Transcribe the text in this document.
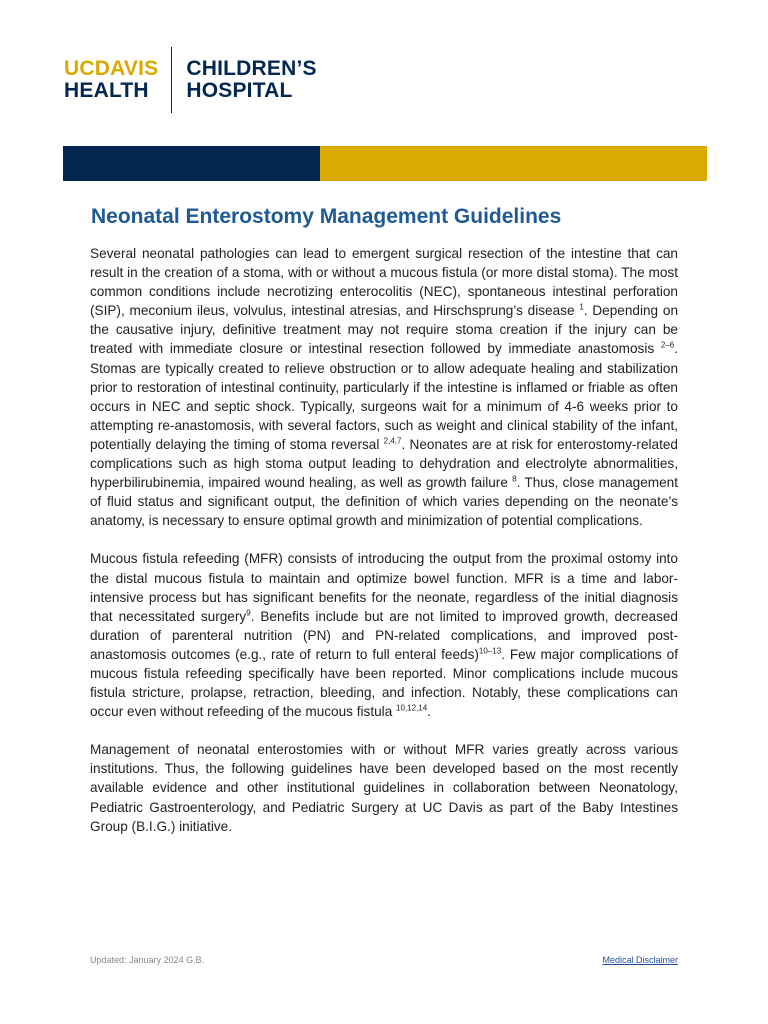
UCDAVIS
HEALTH
CHILDREN’S
HOSPITAL
Neonatal Enterostomy Management Guidelines

Several neonatal pathologies can lead to emergent surgical resection of the intestine that can result in the creation of a stoma, with or without a mucous fistula (or more distal stoma). The most common conditions include necrotizing enterocolitis (NEC), spontaneous intestinal perforation (SIP), meconium ileus, volvulus, intestinal atresias, and Hirschsprung’s disease $^1$. Depending on the causative injury, definitive treatment may not require stoma creation if the injury can be treated with immediate closure or intestinal resection followed by immediate anastomosis $^{2-6}$. Stomas are typically created to relieve obstruction or to allow adequate healing and stabilization prior to restoration of intestinal continuity, particularly if the intestine is inflamed or friable as often occurs in NEC and septic shock. Typically, surgeons wait for a minimum of 4-6 weeks prior to attempting re-anastomosis, with several factors, such as weight and clinical stability of the infant, potentially delaying the timing of stoma reversal $^{2,4,7}$. Neonates are at risk for enterostomy-related complications such as high stoma output leading to dehydration and electrolyte abnormalities, hyperbilirubinemia, impaired wound healing, as well as growth failure $^8$. Thus, close management of fluid status and significant output, the definition of which varies depending on the neonate’s anatomy, is necessary to ensure optimal growth and minimization of potential complications.

Mucous fistula refeeding (MFR) consists of introducing the output from the proximal ostomy into the distal mucous fistula to maintain and optimize bowel function. MFR is a time and labor-intensive process but has significant benefits for the neonate, regardless of the initial diagnosis that necessitated surgery$^9$. Benefits include but are not limited to improved growth, decreased duration of parenteral nutrition (PN) and PN-related complications, and improved post-anastomosis outcomes (e.g., rate of return to full enteral feeds)$^{10-13}$. Few major complications of mucous fistula refeeding specifically have been reported. Minor complications include mucous fistula stricture, prolapse, retraction, bleeding, and infection. Notably, these complications can occur even without refeeding of the mucous fistula $^{10,12,14}$.

Management of neonatal enterostomies with or without MFR varies greatly across various institutions. Thus, the following guidelines have been developed based on the most recently available evidence and other institutional guidelines in collaboration between Neonatology, Pediatric Gastroenterology, and Pediatric Surgery at UC Davis as part of the Baby Intestines Group (B.I.G.) initiative.

Updated: January 2024 G.B.	Medical Disclaimer
